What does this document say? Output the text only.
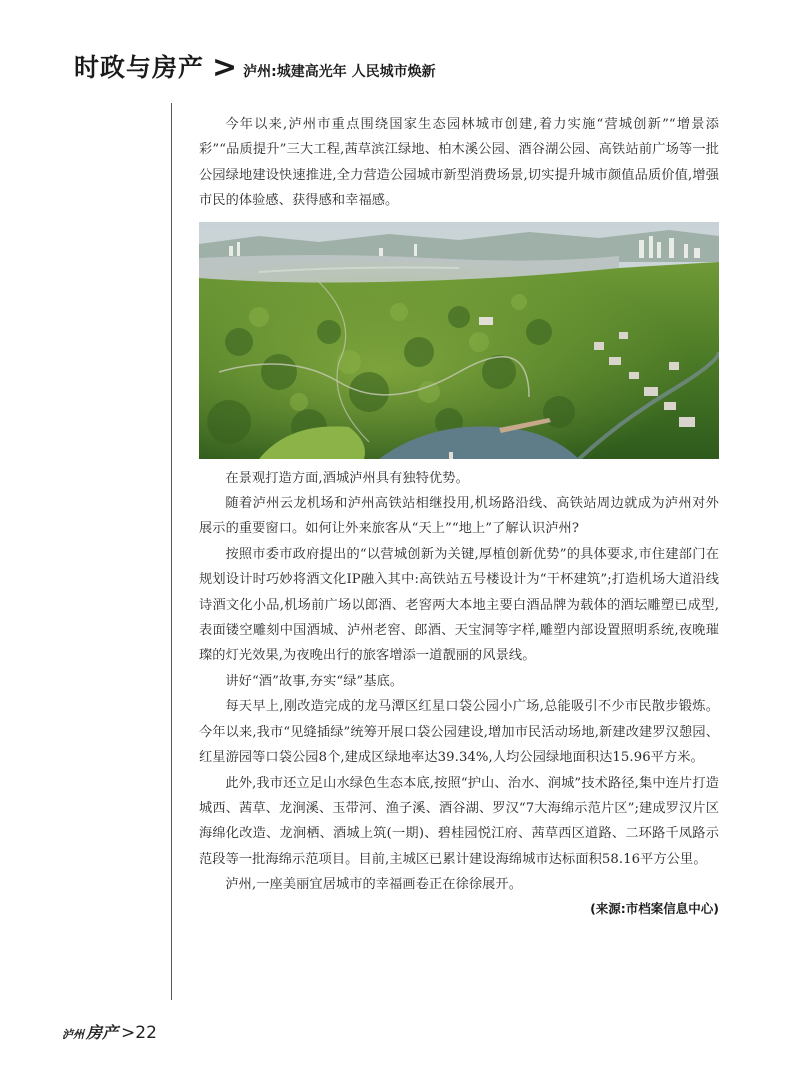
时政与房产 > 泸州:城建高光年 人民城市焕新

今年以来,泸州市重点围绕国家生态园林城市创建,着力实施“营城创新”“增景添彩”“品质提升”三大工程,茜草滨江绿地、柏木溪公园、酒谷湖公园、高铁站前广场等一批公园绿地建设快速推进,全力营造公园城市新型消费场景,切实提升城市颜值品质价值,增强市民的体验感、获得感和幸福感。

在景观打造方面,酒城泸州具有独特优势。

随着泸州云龙机场和泸州高铁站相继投用,机场路沿线、高铁站周边就成为泸州对外展示的重要窗口。如何让外来旅客从“天上”“地上”了解认识泸州?

按照市委市政府提出的“以营城创新为关键,厚植创新优势”的具体要求,市住建部门在规划设计时巧妙将酒文化IP融入其中:高铁站五号楼设计为“干杯建筑”;打造机场大道沿线诗酒文化小品,机场前广场以郎酒、老窖两大本地主要白酒品牌为载体的酒坛雕塑已成型,表面镂空雕刻中国酒城、泸州老窖、郎酒、天宝洞等字样,雕塑内部设置照明系统,夜晚璀璨的灯光效果,为夜晚出行的旅客增添一道靓丽的风景线。

讲好“酒”故事,夯实“绿”基底。

每天早上,刚改造完成的龙马潭区红星口袋公园小广场,总能吸引不少市民散步锻炼。今年以来,我市“见缝插绿”统筹开展口袋公园建设,增加市民活动场地,新建改建罗汉憩园、红星游园等口袋公园8个,建成区绿地率达39.34%,人均公园绿地面积达15.96平方米。

此外,我市还立足山水绿色生态本底,按照“护山、治水、润城”技术路径,集中连片打造城西、茜草、龙涧溪、玉带河、渔子溪、酒谷湖、罗汉“7大海绵示范片区”;建成罗汉片区海绵化改造、龙涧栖、酒城上筑(一期)、碧桂园悦江府、茜草西区道路、二环路千凤路示范段等一批海绵示范项目。目前,主城区已累计建设海绵城市达标面积58.16平方公里。

泸州,一座美丽宜居城市的幸福画卷正在徐徐展开。

(来源:市档案信息中心)
泸州 房产 >22
